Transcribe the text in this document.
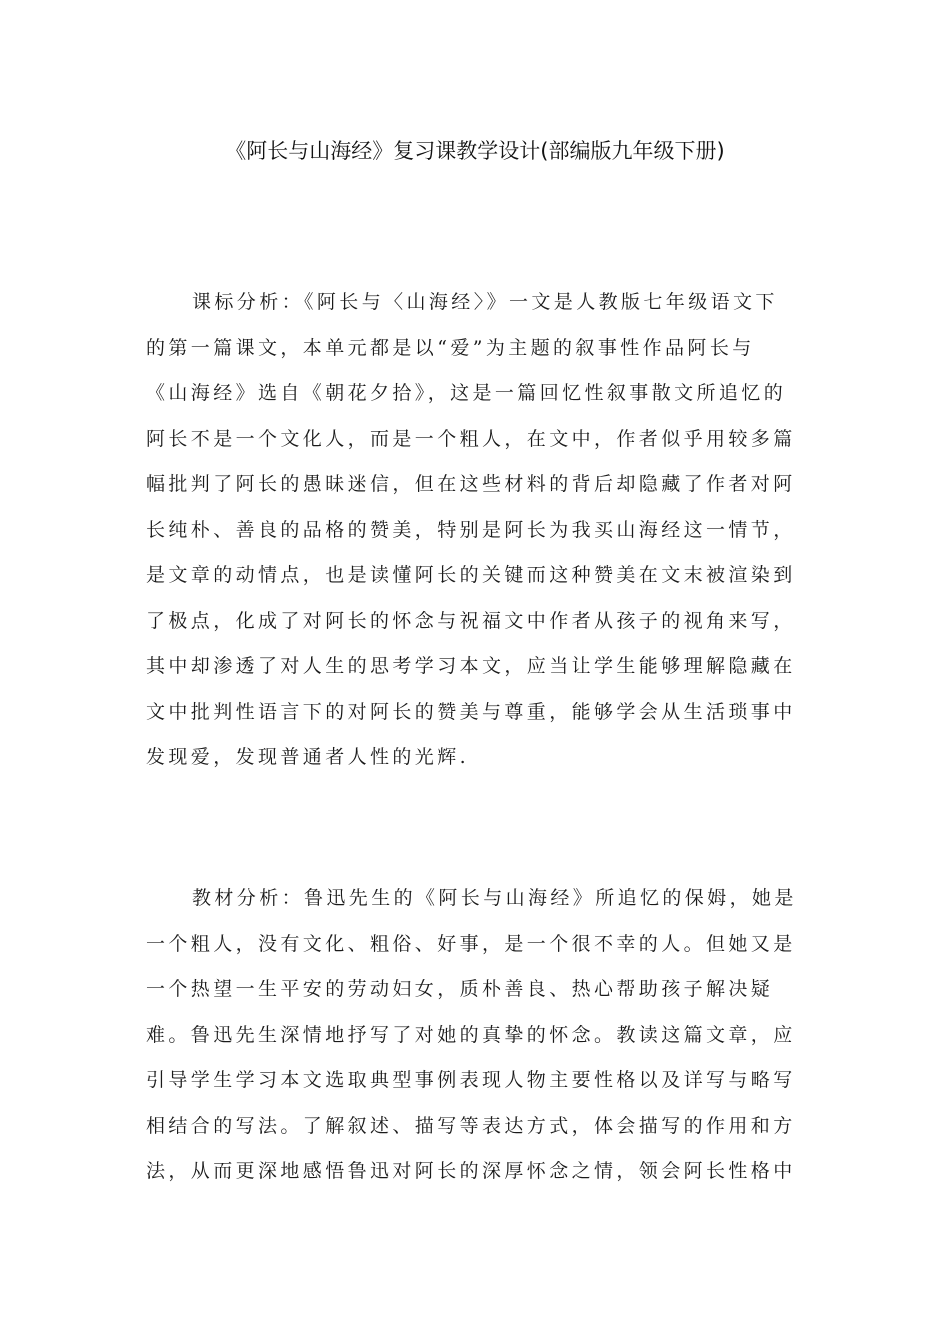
《阿长与山海经》复习课教学设计(部编版九年级下册)
课标分析：《阿长与〈山海经〉》一文是人教版七年级语文下
的第一篇课文，本单元都是以“爱”为主题的叙事性作品阿长与
《山海经》选自《朝花夕拾》，这是一篇回忆性叙事散文所追忆的
阿长不是一个文化人，而是一个粗人，在文中，作者似乎用较多篇
幅批判了阿长的愚昧迷信，但在这些材料的背后却隐藏了作者对阿
长纯朴、善良的品格的赞美，特别是阿长为我买山海经这一情节，
是文章的动情点，也是读懂阿长的关键而这种赞美在文末被渲染到
了极点，化成了对阿长的怀念与祝福文中作者从孩子的视角来写，
其中却渗透了对人生的思考学习本文，应当让学生能够理解隐藏在
文中批判性语言下的对阿长的赞美与尊重，能够学会从生活琐事中
发现爱，发现普通者人性的光辉.
教材分析：鲁迅先生的《阿长与山海经》所追忆的保姆，她是
一个粗人，没有文化、粗俗、好事，是一个很不幸的人。但她又是
一个热望一生平安的劳动妇女，质朴善良、热心帮助孩子解决疑
难。鲁迅先生深情地抒写了对她的真挚的怀念。教读这篇文章，应
引导学生学习本文选取典型事例表现人物主要性格以及详写与略写
相结合的写法。了解叙述、描写等表达方式，体会描写的作用和方
法，从而更深地感悟鲁迅对阿长的深厚怀念之情，领会阿长性格中
